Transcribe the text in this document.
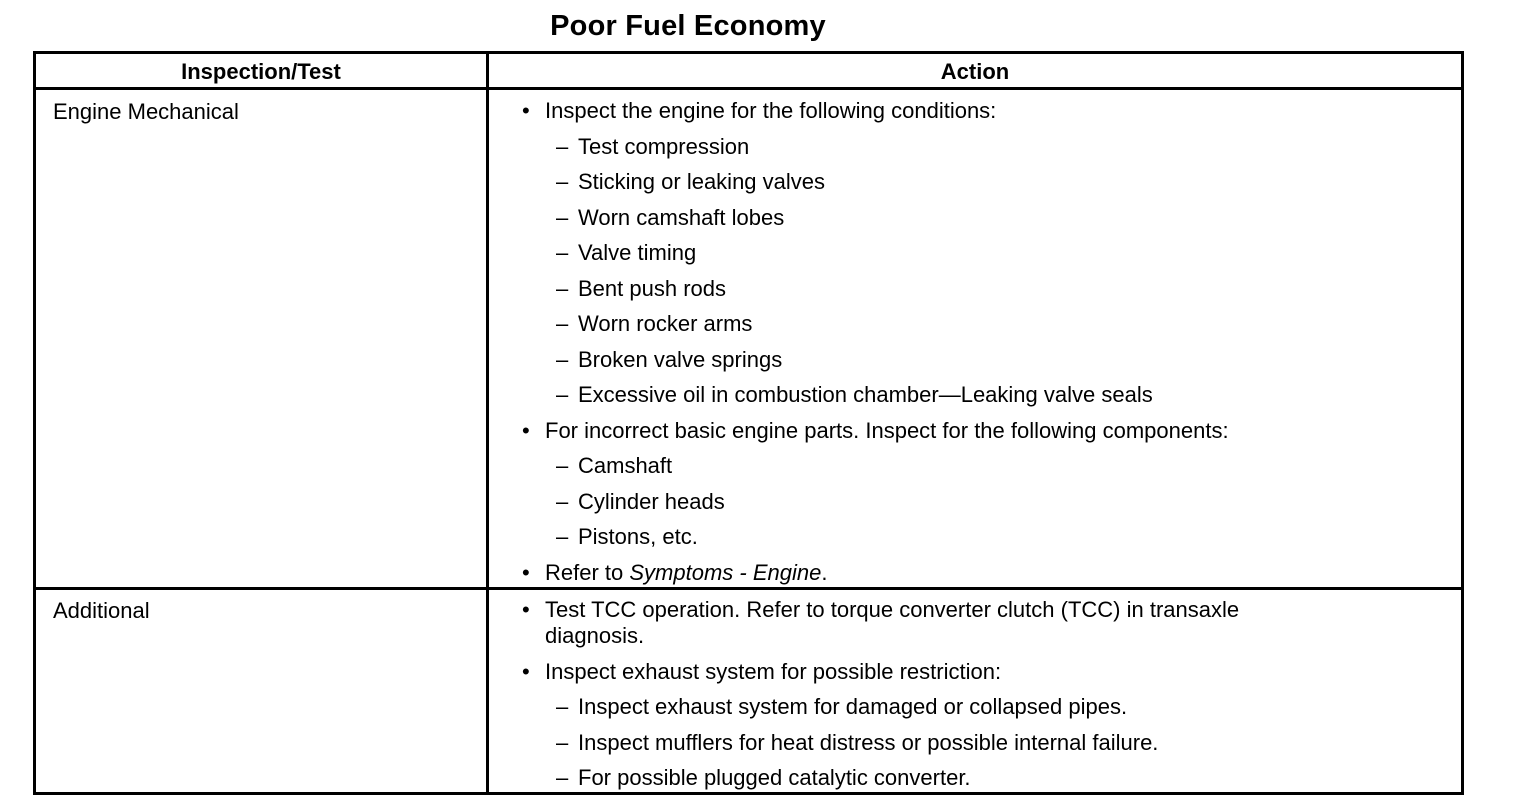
Poor Fuel Economy
Inspection/Test	Action
Engine Mechanical	• Inspect the engine for the following conditions:
– Test compression
– Sticking or leaking valves
– Worn camshaft lobes
– Valve timing
– Bent push rods
– Worn rocker arms
– Broken valve springs
– Excessive oil in combustion chamber—Leaking valve seals
• For incorrect basic engine parts. Inspect for the following components:
– Camshaft
– Cylinder heads
– Pistons, etc.
• Refer to Symptoms - Engine.
Additional	• Test TCC operation. Refer to torque converter clutch (TCC) in transaxle
diagnosis.
• Inspect exhaust system for possible restriction:
– Inspect exhaust system for damaged or collapsed pipes.
– Inspect mufflers for heat distress or possible internal failure.
– For possible plugged catalytic converter.
